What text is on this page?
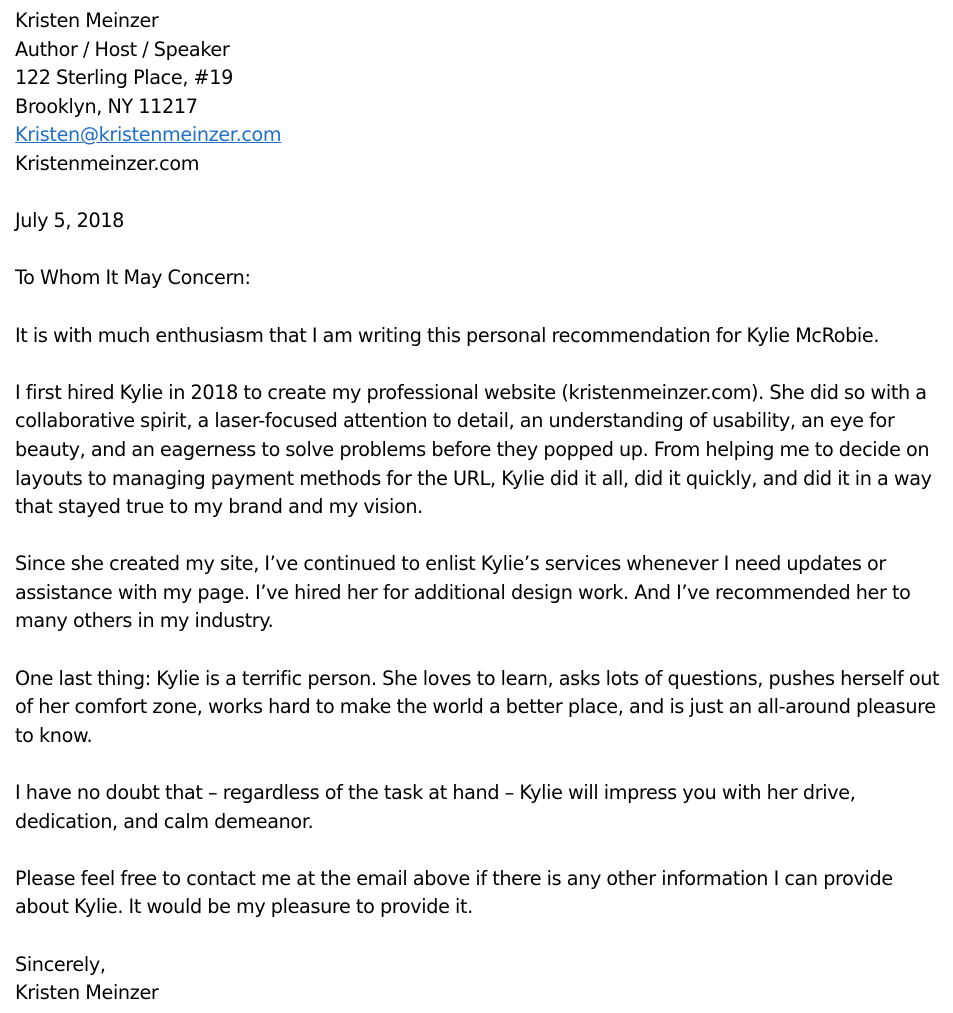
Kristen Meinzer
Author / Host / Speaker
122 Sterling Place, #19
Brooklyn, NY 11217
Kristen@kristenmeinzer.com
Kristenmeinzer.com
July 5, 2018
To Whom It May Concern:

It is with much enthusiasm that I am writing this personal recommendation for Kylie McRobie.

I first hired Kylie in 2018 to create my professional website (kristenmeinzer.com). She did so with a collaborative spirit, a laser-focused attention to detail, an understanding of usability, an eye for beauty, and an eagerness to solve problems before they popped up. From helping me to decide on layouts to managing payment methods for the URL, Kylie did it all, did it quickly, and did it in a way that stayed true to my brand and my vision.

Since she created my site, I’ve continued to enlist Kylie’s services whenever I need updates or assistance with my page. I’ve hired her for additional design work. And I’ve recommended her to many others in my industry.

One last thing: Kylie is a terrific person. She loves to learn, asks lots of questions, pushes herself out of her comfort zone, works hard to make the world a better place, and is just an all-around pleasure to know.

I have no doubt that – regardless of the task at hand – Kylie will impress you with her drive, dedication, and calm demeanor.

Please feel free to contact me at the email above if there is any other information I can provide about Kylie. It would be my pleasure to provide it.

Sincerely,
Kristen Meinzer
